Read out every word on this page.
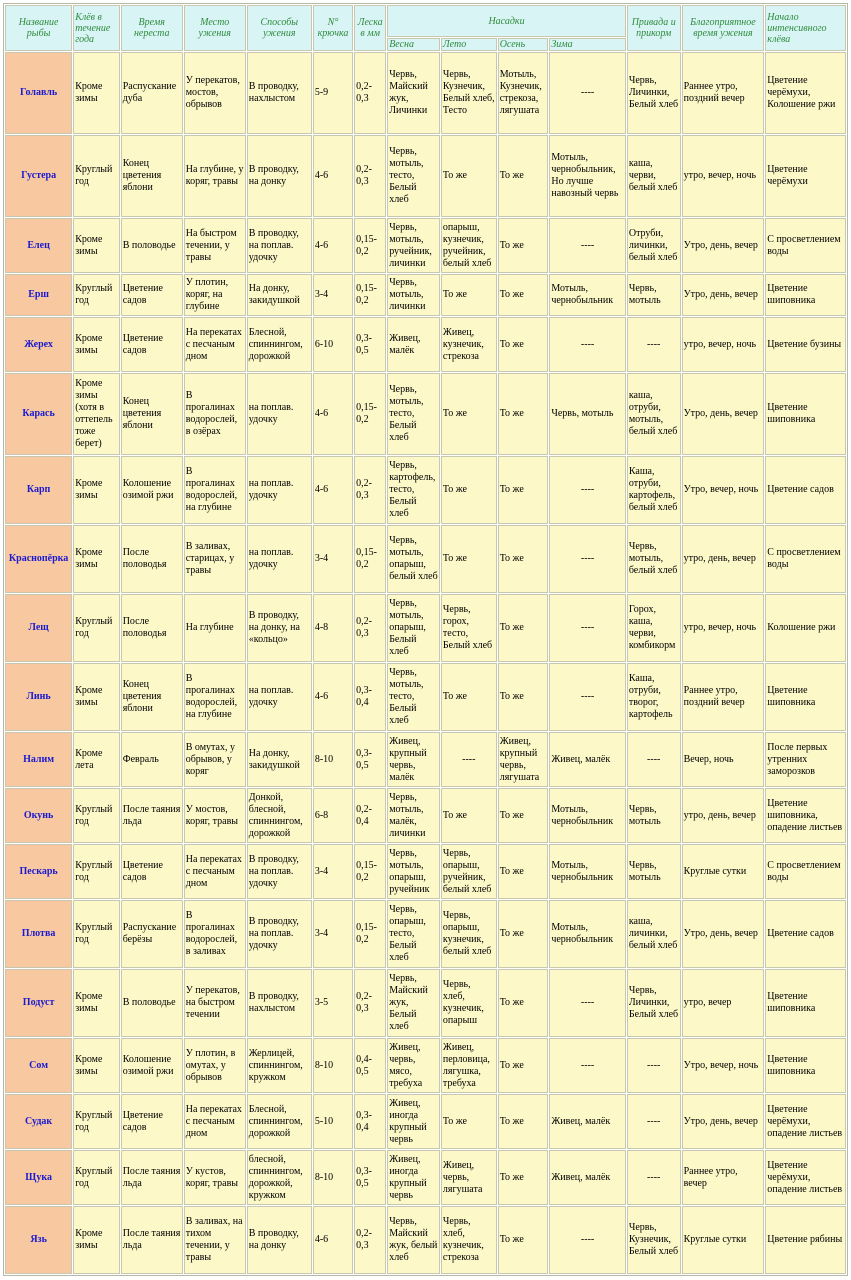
Название рыбы	Клёв в течение года	Время нереста	Место ужения	Способы ужения	N° крючка	Леска в мм	Насадки				Привада и прикорм	Благоприятное время ужения	Начало интенсивного клёва
							Весна	Лето	Осень	Зима			
Голавль	Кроме зимы	Распускание дуба	У перекатов, мостов, обрывов	В проводку, нахлыстом	5-9	0,2-0,3	Червь, Майский жук, Личинки	Червь, Кузнечик, Белый хлеб, Тесто	Мотыль, Кузнечик, стрекоза, лягушата	----	Червь, Личинки, Белый хлеб	Раннее утро, поздний вечер	Цветение черёмухи, Колошение ржи
Густера	Круглый год	Конец цветения яблони	На глубине, у коряг, травы	В проводку, на донку	4-6	0,2-0,3	Червь, мотыль, тесто, Белый хлеб	То же	То же	Мотыль, чернобыльник, Но лучше навозный червь	каша, черви, белый хлеб	утро, вечер, ночь	Цветение черёмухи
Елец	Кроме зимы	В половодье	На быстром течении, у травы	В проводку, на поплав. удочку	4-6	0,15-0,2	Червь, мотыль, ручейник, личинки	опарыш, кузнечик, ручейник, белый хлеб	То же	----	Отруби, личинки, белый хлеб	Утро, день, вечер	С просветлением воды
Ерш	Круглый год	Цветение садов	У плотин, коряг, на глубине	На донку, закидушкой	3-4	0,15-0,2	Червь, мотыль, личинки	То же	То же	Мотыль, чернобыльник	Червь, мотыль	Утро, день, вечер	Цветение шиповника
Жерех	Кроме зимы	Цветение садов	На перекатах с песчаным дном	Блесной, спиннингом, дорожкой	6-10	0,3-0,5	Живец, малёк	Живец, кузнечик, стрекоза	То же	----	----	утро, вечер, ночь	Цветение бузины
Карась	Кроме зимы (хотя в оттепель тоже берет)	Конец цветения яблони	В прогалинах водорослей, в озёрах	на поплав. удочку	4-6	0,15-0,2	Червь, мотыль, тесто, Белый хлеб	То же	То же	Червь, мотыль	каша, отруби, мотыль, белый хлеб	Утро, день, вечер	Цветение шиповника
Карп	Кроме зимы	Колошение озимой ржи	В прогалинах водорослей, на глубине	на поплав. удочку	4-6	0,2-0,3	Червь, картофель, тесто, Белый хлеб	То же	То же	----	Каша, отруби, картофель, белый хлеб	Утро, вечер, ночь	Цветение садов
Краснопёрка	Кроме зимы	После половодья	В заливах, старицах, у травы	на поплав. удочку	3-4	0,15-0,2	Червь, мотыль, опарыш, белый хлеб	То же	То же	----	Червь, мотыль, белый хлеб	утро, день, вечер	С просветлением воды
Лещ	Круглый год	После половодья	На глубине	В проводку, на донку, на «кольцо»	4-8	0,2-0,3	Червь, мотыль, опарыш, Белый хлеб	Червь, горох, тесто, Белый хлеб	То же	----	Горох, каша, черви, комбикорм	утро, вечер, ночь	Колошение ржи
Линь	Кроме зимы	Конец цветения яблони	В прогалинах водорослей, на глубине	на поплав. удочку	4-6	0,3-0,4	Червь, мотыль, тесто, Белый хлеб	То же	То же	----	Каша, отруби, творог, картофель	Раннее утро, поздний вечер	Цветение шиповника
Налим	Кроме лета	Февраль	В омутах, у обрывов, у коряг	На донку, закидушкой	8-10	0,3-0,5	Живец, крупный червь, малёк	----	Живец, крупный червь, лягушата	Живец, малёк	----	Вечер, ночь	После первых утренних заморозков
Окунь	Круглый год	После таяния льда	У мостов, коряг, травы	Донкой, блесной, спиннингом, дорожкой	6-8	0,2-0,4	Червь, мотыль, малёк, личинки	То же	То же	Мотыль, чернобыльник	Червь, мотыль	утро, день, вечер	Цветение шиповника, опадение листьев
Пескарь	Круглый год	Цветение садов	На перекатах с песчаным дном	В проводку, на поплав. удочку	3-4	0,15-0,2	Червь, мотыль, опарыш, ручейник	Червь, опарыш, ручейник, белый хлеб	То же	Мотыль, чернобыльник	Червь, мотыль	Круглые сутки	С просветлением воды
Плотва	Круглый год	Распускание берёзы	В прогалинах водорослей, в заливах	В проводку, на поплав. удочку	3-4	0,15-0,2	Червь, опарыш, тесто, Белый хлеб	Червь, опарыш, кузнечик, белый хлеб	То же	Мотыль, чернобыльник	каша, личинки, белый хлеб	Утро, день, вечер	Цветение садов
Подуст	Кроме зимы	В половодье	У перекатов, на быстром течении	В проводку, нахлыстом	3-5	0,2-0,3	Червь, Майский жук, Белый хлеб	Червь, хлеб, кузнечик, опарыш	То же	----	Червь, Личинки, Белый хлеб	утро, вечер	Цветение шиповника
Сом	Кроме зимы	Колошение озимой ржи	У плотин, в омутах, у обрывов	Жерлицей, спиннингом, кружком	8-10	0,4-0,5	Живец, червь, мясо, требуха	Живец, перловица, лягушка, требуха	То же	----	----	Утро, вечер, ночь	Цветение шиповника
Судак	Круглый год	Цветение садов	На перекатах с песчаным дном	Блесной, спиннингом, дорожкой	5-10	0,3-0,4	Живец, иногда крупный червь	То же	То же	Живец, малёк	----	Утро, день, вечер	Цветение черёмухи, опадение листьев
Щука	Круглый год	После таяния льда	У кустов, коряг, травы	блесной, спиннингом, дорожкой, кружком	8-10	0,3-0,5	Живец, иногда крупный червь	Живец, червь, лягушата	То же	Живец, малёк	----	Раннее утро, вечер	Цветение черёмухи, опадение листьев
Язь	Кроме зимы	После таяния льда	В заливах, на тихом течении, у травы	В проводку, на донку	4-6	0,2-0,3	Червь, Майский жук, белый хлеб	Червь, хлеб, кузнечик, стрекоза	То же	----	Червь, Кузнечик, Белый хлеб	Круглые сутки	Цветение рябины
